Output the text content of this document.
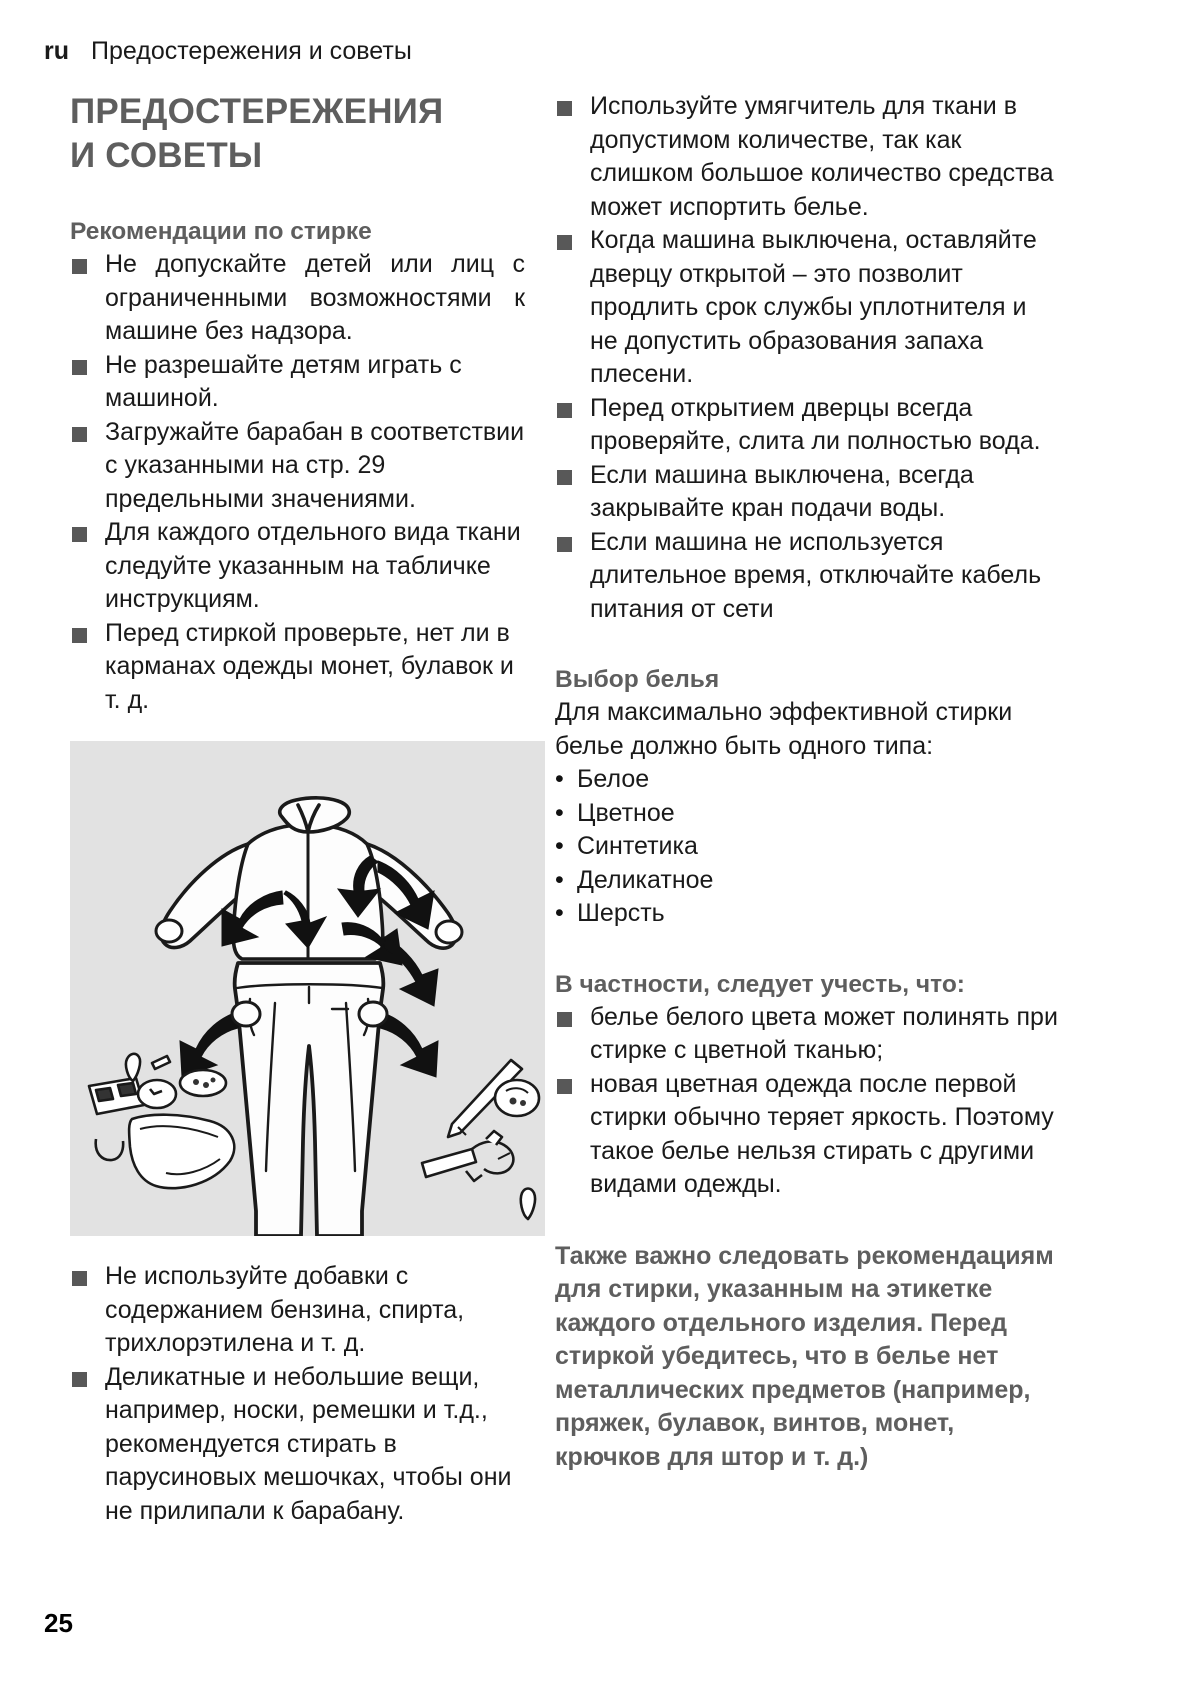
ru Предостережения и советы
ПРЕДОСТЕРЕЖЕНИЯ
И СОВЕТЫ
Рекомендации по стирке
Не допускайте детей или лиц с ограниченными возможностями к машине без надзора.
Не разрешайте детям играть с машиной.
Загружайте барабан в соответствии с указанными на стр. 29 предельными значениями.
Для каждого отдельного вида ткани следуйте указанным на табличке инструкциям.
Перед стиркой проверьте, нет ли в карманах одежды монет, булавок и т. д.
Не используйте добавки с содержанием бензина, спирта, трихлорэтилена и т. д.
Деликатные и небольшие вещи, например, носки, ремешки и т.д., рекомендуется стирать в парусиновых мешочках, чтобы они не прилипали к барабану.
Используйте умягчитель для ткани в допустимом количестве, так как слишком большое количество средства может испортить белье.
Когда машина выключена, оставляйте дверцу открытой – это позволит продлить срок службы уплотнителя и не допустить образования запаха плесени.
Перед открытием дверцы всегда проверяйте, слита ли полностью вода.
Если машина выключена, всегда закрывайте кран подачи воды.
Если машина не используется длительное время, отключайте кабель питания от сети
Выбор белья

Для максимально эффективной стирки белье должно быть одного типа:

• Белое
• Цветное
• Синтетика
• Деликатное
• Шерсть
В частности, следует учесть, что:
белье белого цвета может полинять при стирке с цветной тканью;
новая цветная одежда после первой стирки обычно теряет яркость. Поэтому такое белье нельзя стирать с другими видами одежды.

Также важно следовать рекомендациям для стирки, указанным на этикетке каждого отдельного изделия. Перед стиркой убедитесь, что в белье нет металлических предметов (например, пряжек, булавок, винтов, монет, крючков для штор и т. д.)

25
